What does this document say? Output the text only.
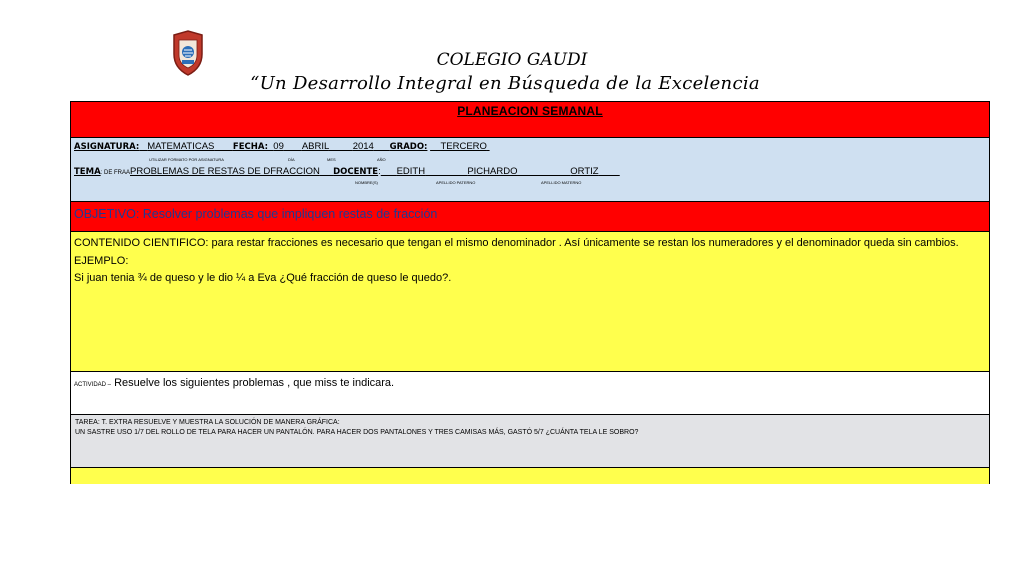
COLEGIO GAUDI
“Un Desarrollo Integral en Búsqueda de la Excelencia
PLANEACION SEMANAL
ASIGNATURA: MATEMATICAS FECHA: 09 ABRIL	2014 GRADO: TERCERO
UTILIZAR FORMATO POR ASIGNATURA	DÍA	MES	AÑO
TEMA: DE FRAAPROBLEMAS DE RESTAS DE DFRACCION DOCENTE: EDITH	PICHARDO	ORTIZ
NOMBRE(S)	APELLIDO PATERNO	APELLIDO MATERNO
OBJETIVO: Resolver problemas que impliquen restas de fracción

CONTENIDO CIENTIFICO: para restar fracciones es necesario que tengan el mismo denominador . Así únicamente se restan los numeradores y el denominador queda sin cambios.

EJEMPLO:

Si juan tenia ¾ de queso y le dio ¼ a Eva ¿Qué fracción de queso le quedo?.

ACTIVIDAD – Resuelve los siguientes problemas , que miss te indicara.
TAREA: T. EXTRA RESUELVE Y MUESTRA LA SOLUCIÓN DE MANERA GRÁFICA:
UN SASTRE USO 1/7 DEL ROLLO DE TELA PARA HACER UN PANTALÓN. PARA HACER DOS PANTALONES Y TRES CAMISAS MÁS, GASTÓ 5/7 ¿CUÁNTA TELA LE SOBRO?
